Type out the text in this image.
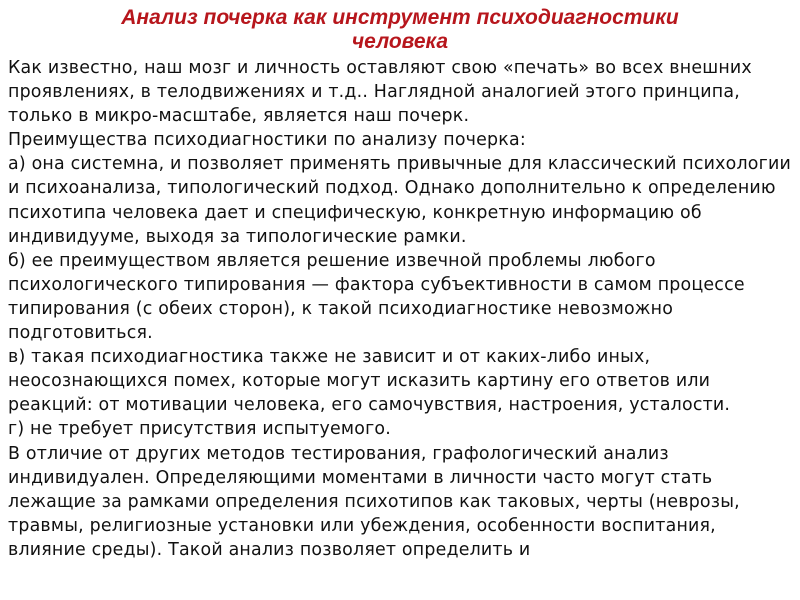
Анализ почерка как инструмент психодиагностики
человека

Как известно, наш мозг и личность оставляют свою «печать» во всех внешних проявлениях, в телодвижениях и т.д.. Наглядной аналогией этого принципа, только в микро-масштабе, является наш почерк.

Преимущества психодиагностики по анализу почерка:

а) она системна, и позволяет применять привычные для классический психологии и психоанализа, типологический подход. Однако дополнительно к определению психотипа человека дает и специфическую, конкретную информацию об индивидууме, выходя за типологические рамки.

б) ее преимуществом является решение извечной проблемы любого психологического типирования — фактора субъективности в самом процессе типирования (с обеих сторон), к такой психодиагностике невозможно подготовиться.

в) такая психодиагностика также не зависит и от каких-либо иных, неосознающихся помех, которые могут исказить картину его ответов или реакций: от мотивации человека, его самочувствия, настроения, усталости.

г) не требует присутствия испытуемого.

В отличие от других методов тестирования, графологический анализ индивидуален. Определяющими моментами в личности часто могут стать лежащие за рамками определения психотипов как таковых, черты (неврозы, травмы, религиозные установки или убеждения, особенности воспитания, влияние среды). Такой анализ позволяет определить и
